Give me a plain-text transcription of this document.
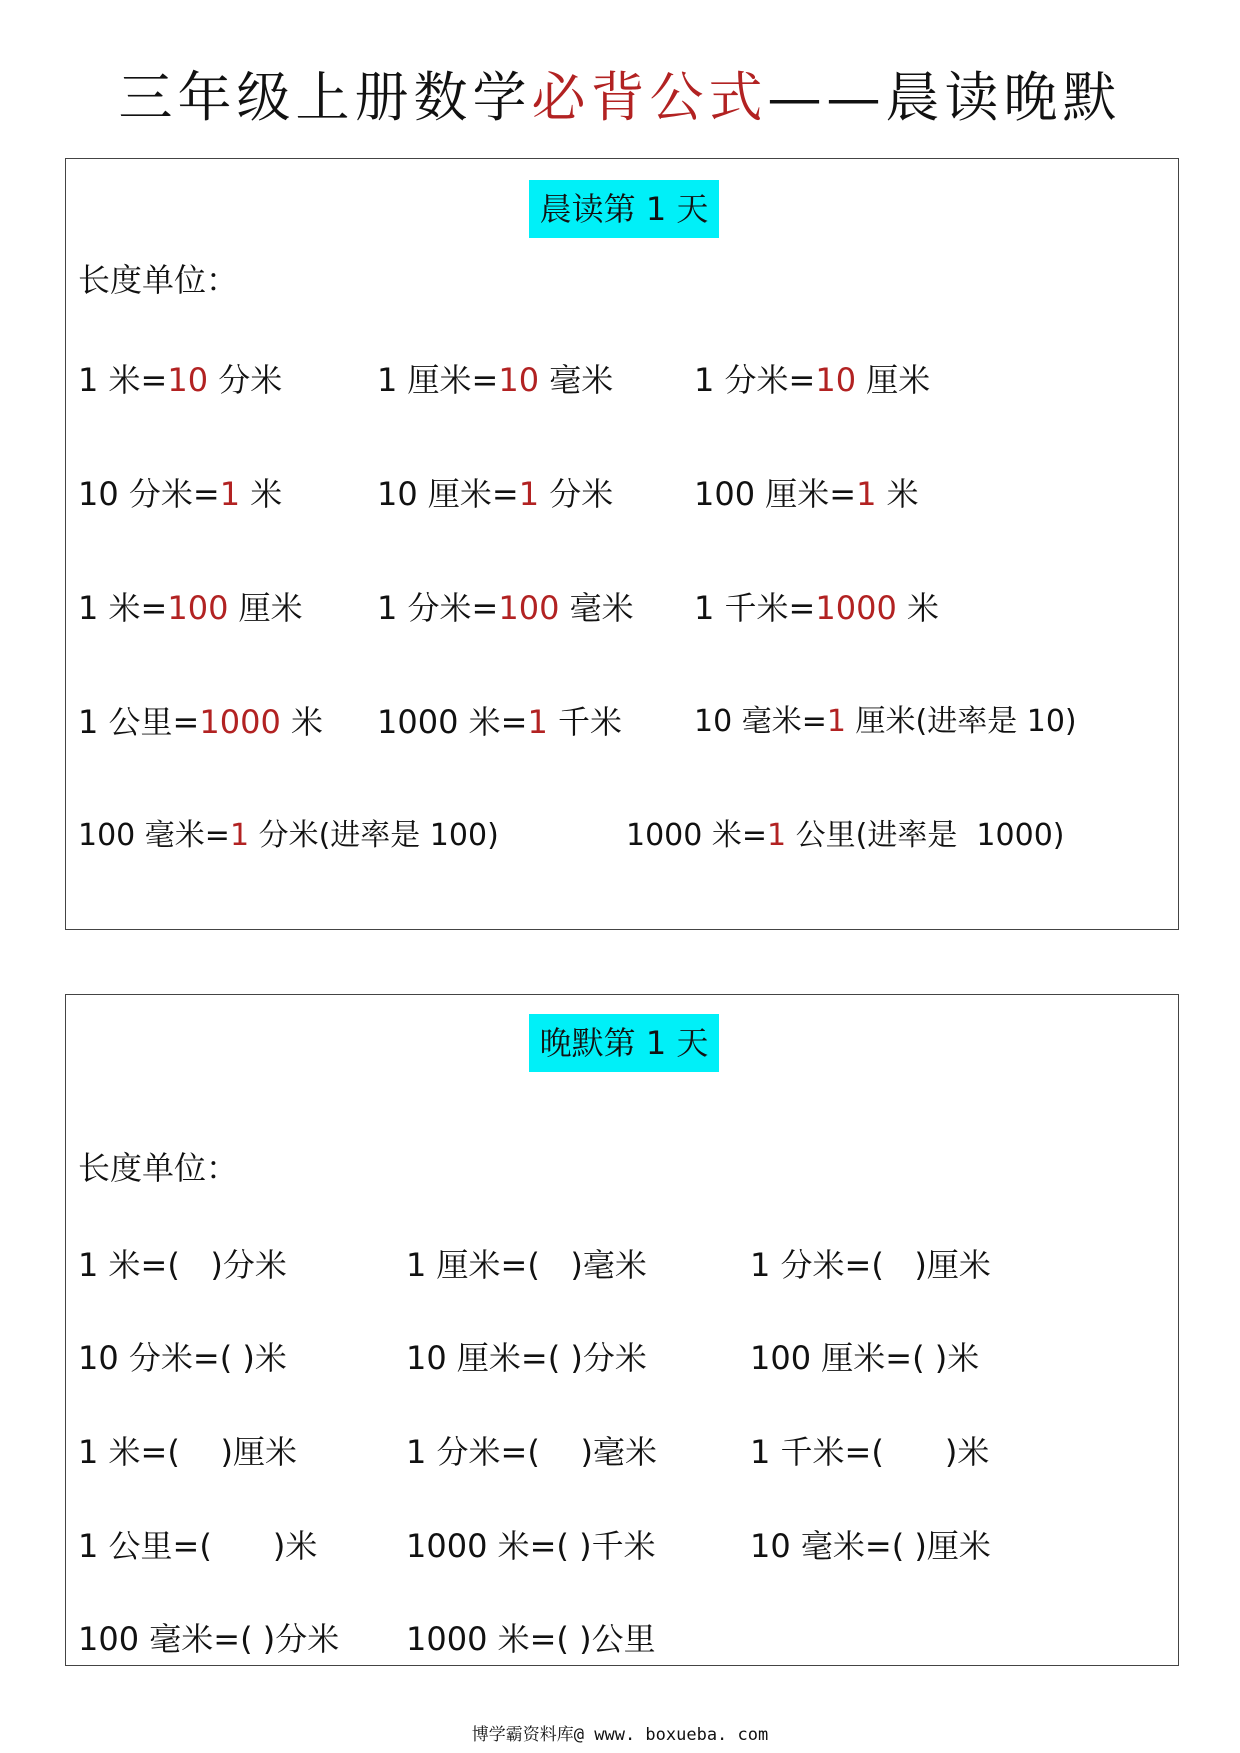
三年级上册数学必背公式——晨读晚默
晨读第 1 天
长度单位：
1 米=10 分米	1 厘米=10 毫米	1 分米=10 厘米
10 分米=1 米	10 厘米=1 分米	100 厘米=1 米
1 米=100 厘米 1 分米=100 毫米 1 千米=1000 米
1 公里=1000 米 1000 米=1 千米 10 毫米=1 厘米(进率是 10)
100 毫米=1 分米(进率是 100)	1000 米=1 公里(进率是  1000)
晚默第 1 天
长度单位：
1 米=(   )分米	1 厘米=(   )毫米	1 分米=(   )厘米
10 分米=( )米	10 厘米=( )分米	100 厘米=( )米
1 米=(    )厘米	1 分米=(    )毫米	1 千米=(      )米
1 公里=(      )米	1000 米=( )千米	10 毫米=( )厘米
100 毫米=( )分米 1000 米=( )公里
博学霸资料库@ www. boxueba. com
